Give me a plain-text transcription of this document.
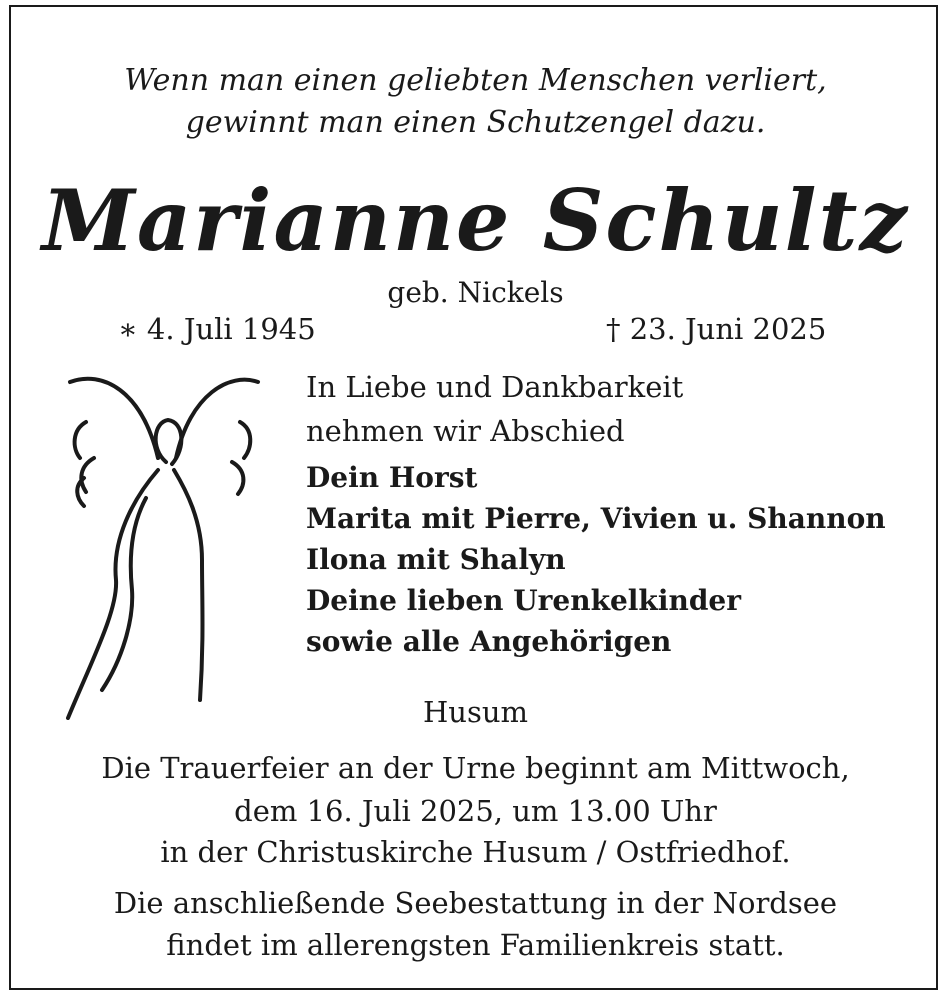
Wenn man einen geliebten Menschen verliert,
gewinnt man einen Schutzengel dazu.
Marianne Schultz
geb. Nickels
∗ 4. Juli 1945	† 23. Juni 2025
In Liebe und Dankbarkeit
nehmen wir Abschied
Dein Horst
Marita mit Pierre, Vivien u. Shannon
Ilona mit Shalyn
Deine lieben Urenkelkinder
sowie alle Angehörigen
Husum
Die Trauerfeier an der Urne beginnt am Mittwoch,
dem 16. Juli 2025, um 13.00 Uhr
in der Christuskirche Husum / Ostfriedhof.
Die anschließende Seebestattung in der Nordsee
findet im allerengsten Familienkreis statt.
